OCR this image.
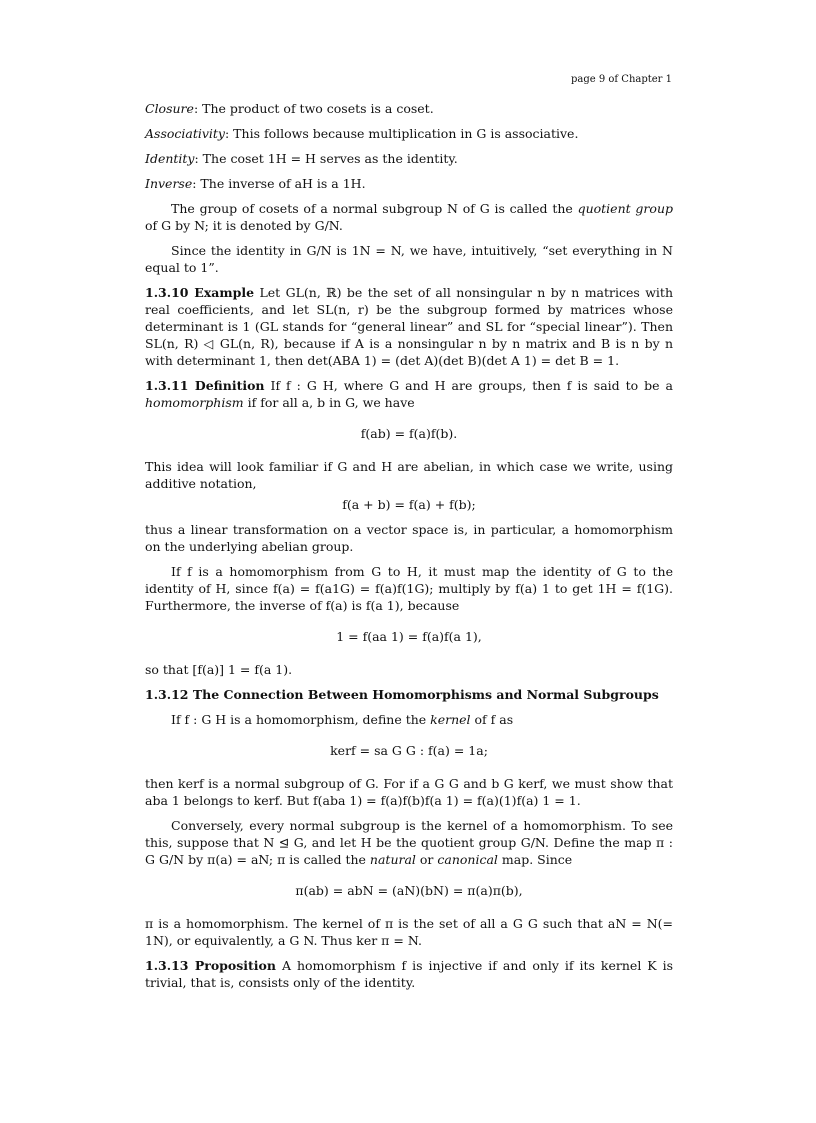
page 9 of Chapter 1

Closure: The product of two cosets is a coset.

Associativity: This follows because multiplication in G is associative.

Identity: The coset 1H = H serves as the identity.

Inverse: The inverse of aH is a 1H.

The group of cosets of a normal subgroup N of G is called the quotient group of G by N; it is denoted by G/N.

Since the identity in G/N is 1N = N, we have, intuitively, “set everything in N equal to 1”.

1.3.10 Example Let GL(n, ℝ) be the set of all nonsingular n by n matrices with real coefficients, and let SL(n, r) be the subgroup formed by matrices whose determinant is 1 (GL stands for “general linear” and SL for “special linear”). Then SL(n, R) ◁ GL(n, R), because if A is a nonsingular n by n matrix and B is n by n with determinant 1, then det(ABA 1) = (det A)(det B)(det A 1) = det B = 1.

1.3.11 Definition If f : G H, where G and H are groups, then f is said to be a homomorphism if for all a, b in G, we have

f(ab) = f(a)f(b).

This idea will look familiar if G and H are abelian, in which case we write, using additive notation,

f(a + b) = f(a) + f(b);

thus a linear transformation on a vector space is, in particular, a homomorphism on the underlying abelian group.

If f is a homomorphism from G to H, it must map the identity of G to the identity of H, since f(a) = f(a1G) = f(a)f(1G); multiply by f(a) 1 to get 1H = f(1G). Furthermore, the inverse of f(a) is f(a 1), because

1 = f(aa 1) = f(a)f(a 1),

so that [f(a)] 1 = f(a 1).

1.3.12 The Connection Between Homomorphisms and Normal Subgroups

If f : G H is a homomorphism, define the kernel of f as

kerf = sa G G : f(a) = 1a;

then kerf is a normal subgroup of G. For if a G G and b G kerf, we must show that aba 1 belongs to kerf. But f(aba 1) = f(a)f(b)f(a 1) = f(a)(1)f(a) 1 = 1.

Conversely, every normal subgroup is the kernel of a homomorphism. To see this, suppose that N ⊴ G, and let H be the quotient group G/N. Define the map π : G G/N by π(a) = aN; π is called the natural or canonical map. Since

π(ab) = abN = (aN)(bN) = π(a)π(b),

π is a homomorphism. The kernel of π is the set of all a G G such that aN = N(= 1N), or equivalently, a G N. Thus ker π = N.

1.3.13 Proposition A homomorphism f is injective if and only if its kernel K is trivial, that is, consists only of the identity.
